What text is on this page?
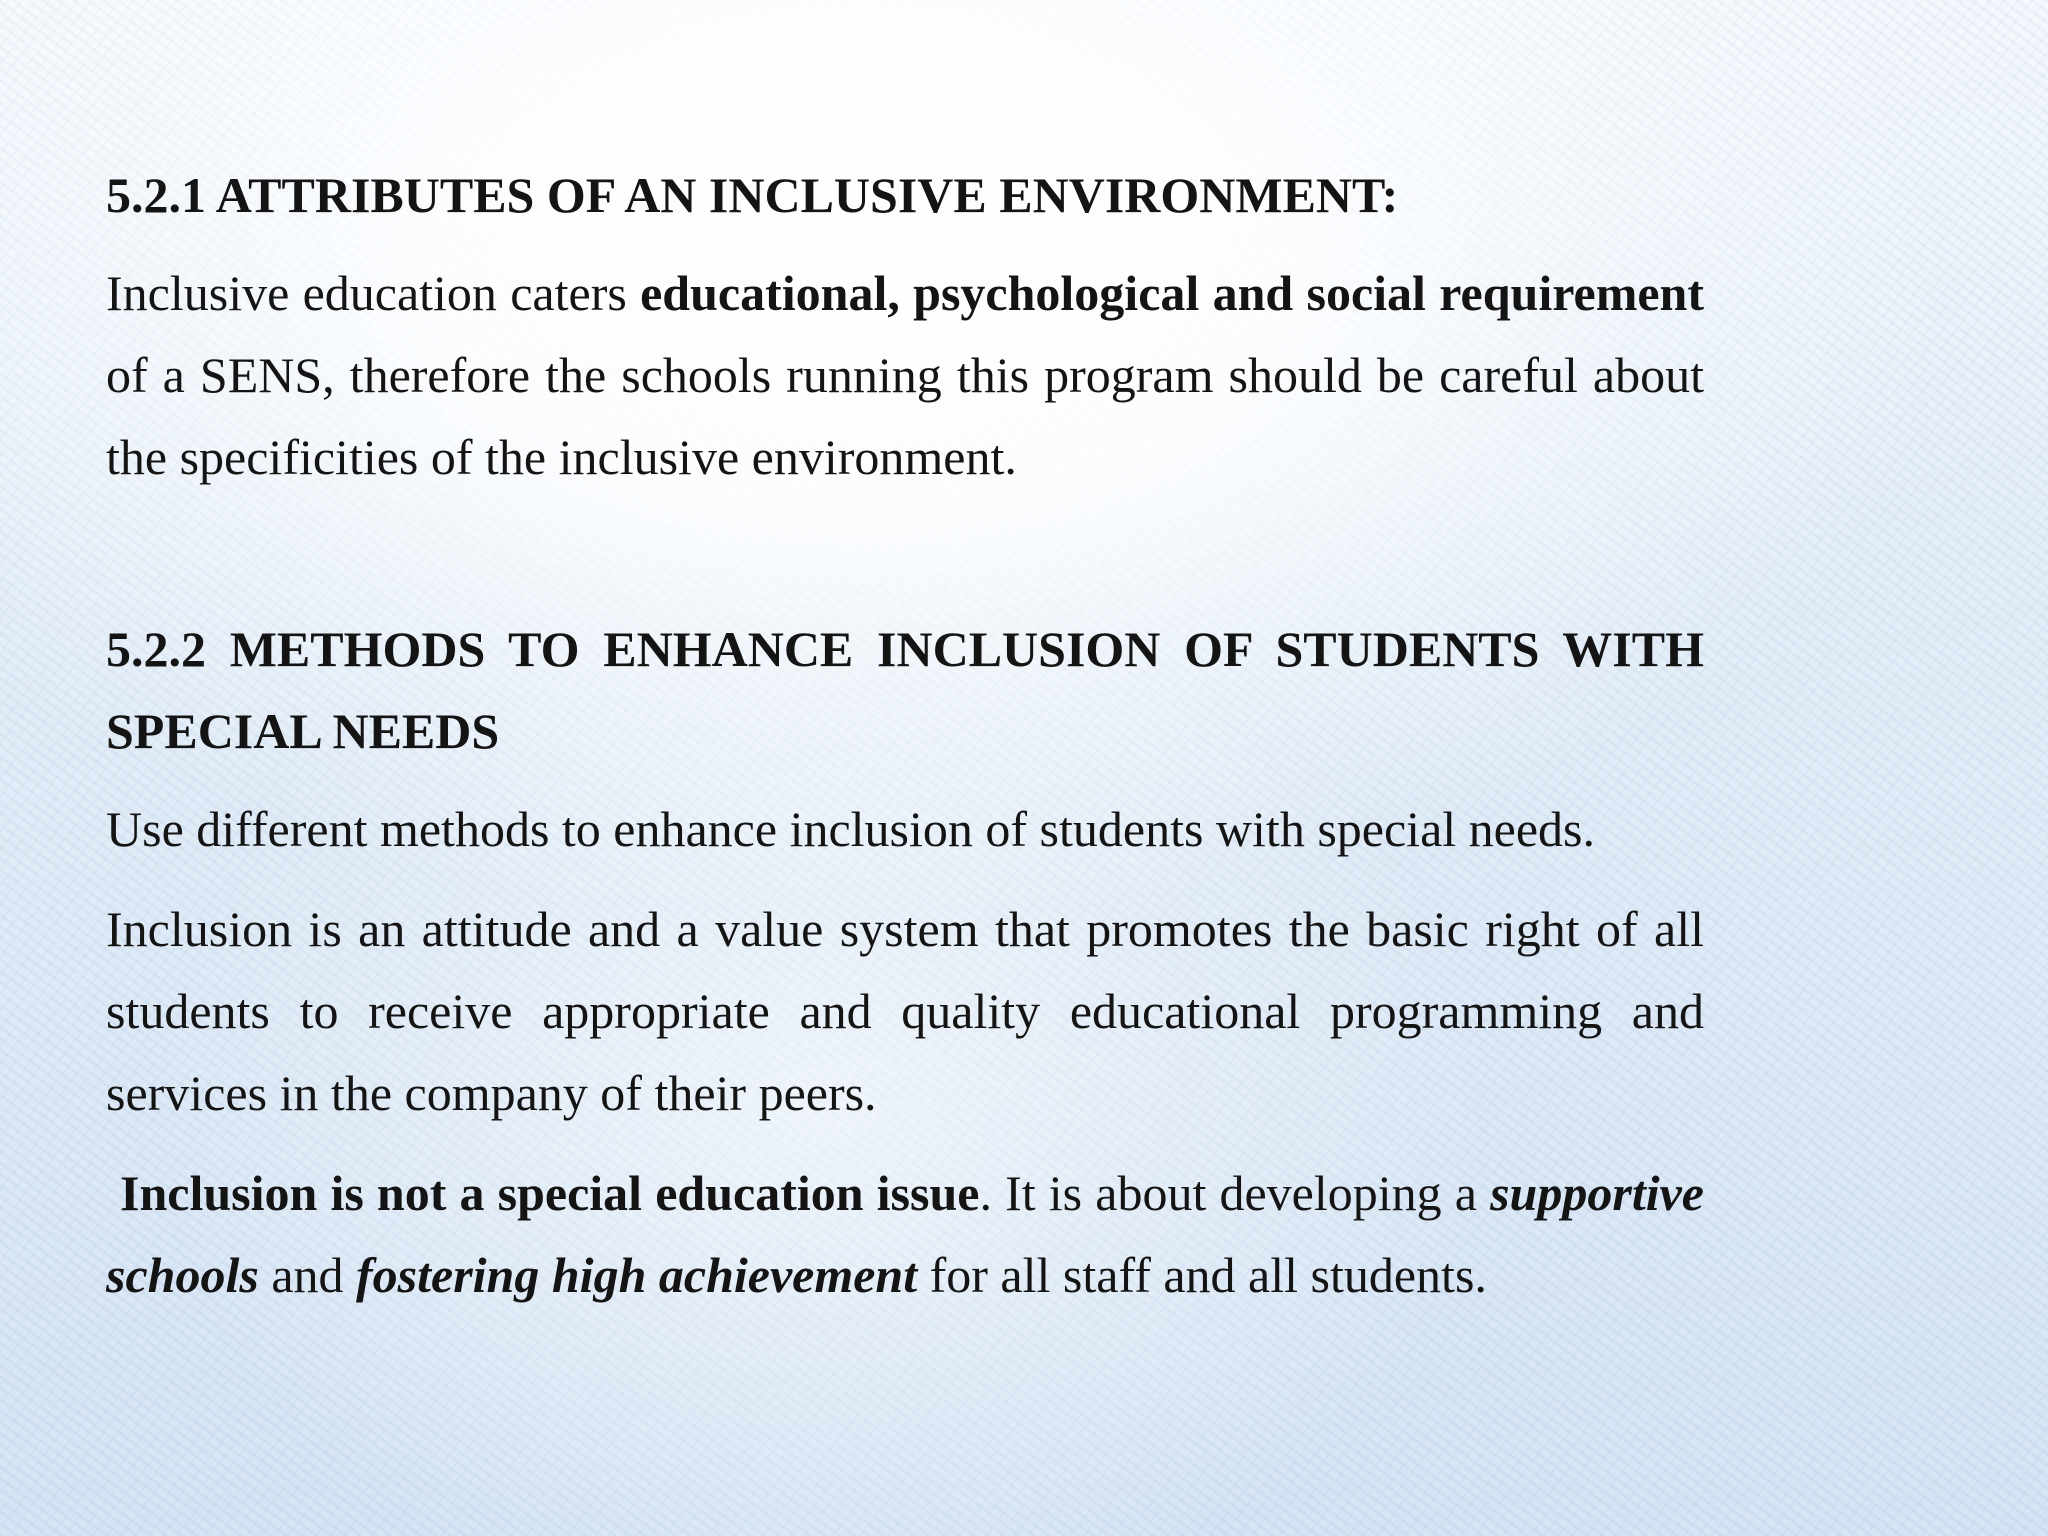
5.2.1 ATTRIBUTES OF AN INCLUSIVE ENVIRONMENT:

Inclusive education caters educational, psychological and social requirement of a SENS, therefore the schools running this program should be careful about the specificities of the inclusive environment.

5.2.2 METHODS TO ENHANCE INCLUSION OF STUDENTS WITH SPECIAL NEEDS

Use different methods to enhance inclusion of students with special needs.

Inclusion is an attitude and a value system that promotes the basic right of all students to receive appropriate and quality educational programming and services in the company of their peers.

Inclusion is not a special education issue. It is about developing a supportive schools and fostering high achievement for all staff and all students.
